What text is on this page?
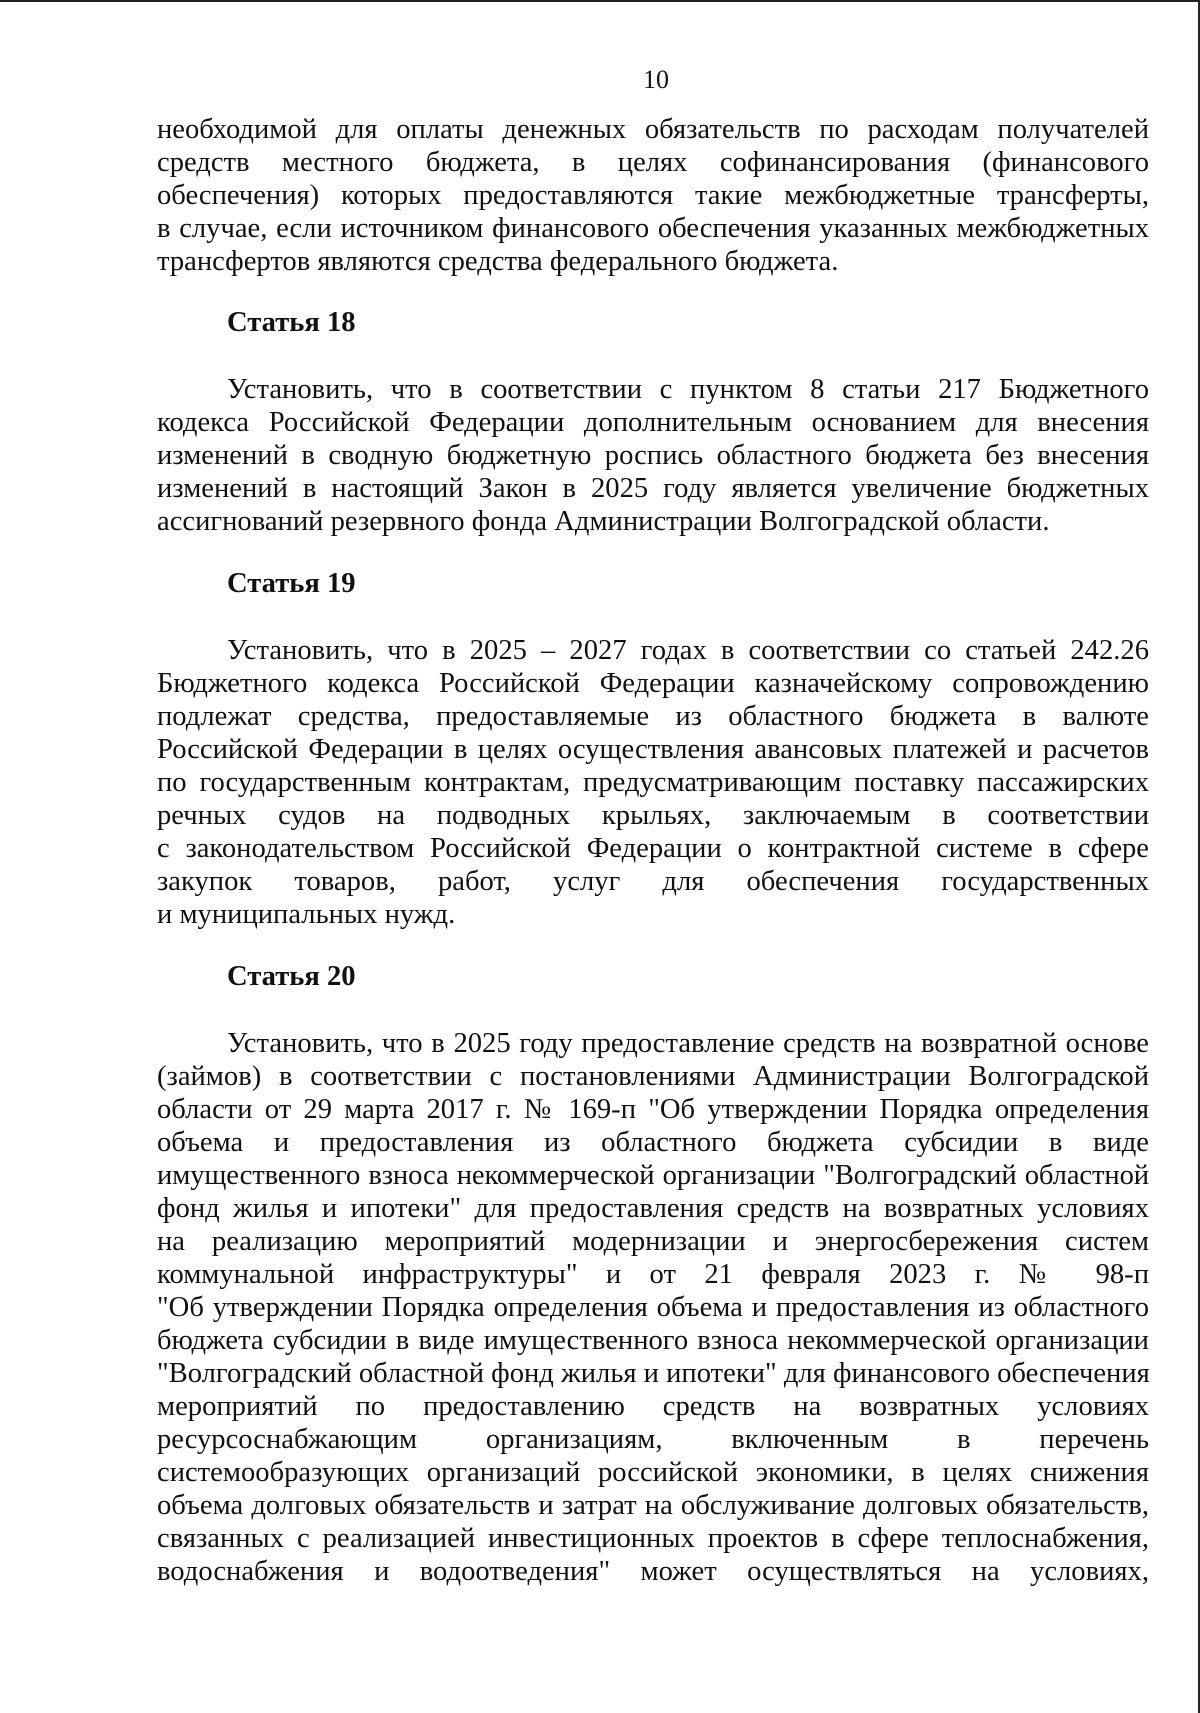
10
необходимой для оплаты денежных обязательств по расходам получателей
средств местного бюджета, в целях софинансирования (финансового
обеспечения) которых предоставляются такие межбюджетные трансферты,
в случае, если источником финансового обеспечения указанных межбюджетных
трансфертов являются средства федерального бюджета.
Статья 18
Установить, что в соответствии с пунктом 8 статьи 217 Бюджетного
кодекса Российской Федерации дополнительным основанием для внесения
изменений в сводную бюджетную роспись областного бюджета без внесения
изменений в настоящий Закон в 2025 году является увеличение бюджетных
ассигнований резервного фонда Администрации Волгоградской области.
Статья 19
Установить, что в 2025 – 2027 годах в соответствии со статьей 242.26
Бюджетного кодекса Российской Федерации казначейскому сопровождению
подлежат средства, предоставляемые из областного бюджета в валюте
Российской Федерации в целях осуществления авансовых платежей и расчетов
по государственным контрактам, предусматривающим поставку пассажирских
речных судов на подводных крыльях, заключаемым в соответствии
с законодательством Российской Федерации о контрактной системе в сфере
закупок товаров, работ, услуг для обеспечения государственных
и муниципальных нужд.
Статья 20
Установить, что в 2025 году предоставление средств на возвратной основе
(займов) в соответствии с постановлениями Администрации Волгоградской
области от 29 марта 2017 г. № 169-п "Об утверждении Порядка определения
объема и предоставления из областного бюджета субсидии в виде
имущественного взноса некоммерческой организации "Волгоградский областной
фонд жилья и ипотеки" для предоставления средств на возвратных условиях
на реализацию мероприятий модернизации и энергосбережения систем
коммунальной инфраструктуры" и от 21 февраля 2023 г. № 98-п
"Об утверждении Порядка определения объема и предоставления из областного
бюджета субсидии в виде имущественного взноса некоммерческой организации
"Волгоградский областной фонд жилья и ипотеки" для финансового обеспечения
мероприятий по предоставлению средств на возвратных условиях
ресурсоснабжающим организациям, включенным в перечень
системообразующих организаций российской экономики, в целях снижения
объема долговых обязательств и затрат на обслуживание долговых обязательств,
связанных с реализацией инвестиционных проектов в сфере теплоснабжения,
водоснабжения и водоотведения" может осуществляться на условиях,
